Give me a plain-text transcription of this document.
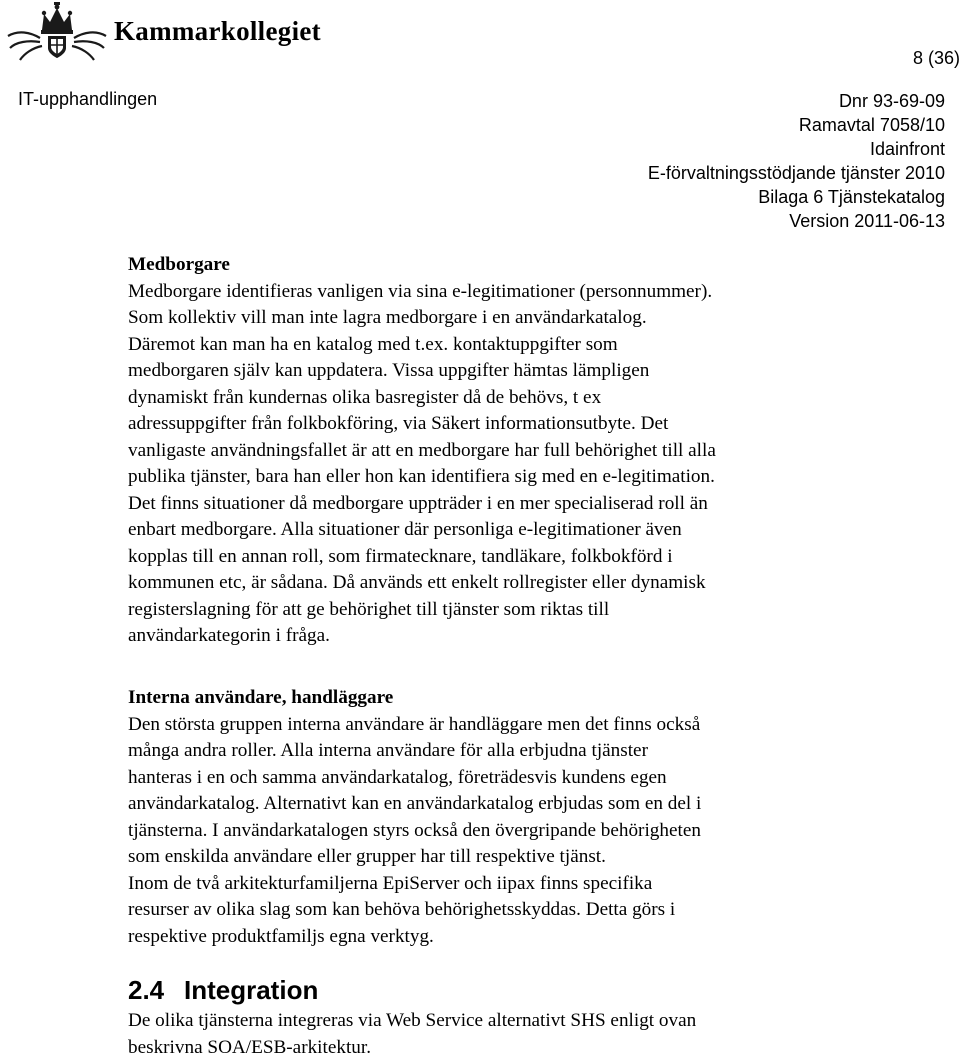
Kammarkollegiet
8 (36)
IT-upphandlingen	Dnr 93-69-09
Ramavtal 7058/10
Idainfront
E-förvaltningsstödjande tjänster 2010
Bilaga 6 Tjänstekatalog
Version 2011-06-13

Medborgare

Medborgare identifieras vanligen via sina e-legitimationer (personnummer).
Som kollektiv vill man inte lagra medborgare i en användarkatalog.
Däremot kan man ha en katalog med t.ex. kontaktuppgifter som
medborgaren själv kan uppdatera. Vissa uppgifter hämtas lämpligen
dynamiskt från kundernas olika basregister då de behövs, t ex
adressuppgifter från folkbokföring, via Säkert informationsutbyte. Det
vanligaste användningsfallet är att en medborgare har full behörighet till alla
publika tjänster, bara han eller hon kan identifiera sig med en e-legitimation.
Det finns situationer då medborgare uppträder i en mer specialiserad roll än
enbart medborgare. Alla situationer där personliga e-legitimationer även
kopplas till en annan roll, som firmatecknare, tandläkare, folkbokförd i
kommunen etc, är sådana. Då används ett enkelt rollregister eller dynamisk
registerslagning för att ge behörighet till tjänster som riktas till
användarkategorin i fråga.

Interna användare, handläggare

Den största gruppen interna användare är handläggare men det finns också
många andra roller. Alla interna användare för alla erbjudna tjänster
hanteras i en och samma användarkatalog, företrädesvis kundens egen
användarkatalog. Alternativt kan en användarkatalog erbjudas som en del i
tjänsterna. I användarkatalogen styrs också den övergripande behörigheten
som enskilda användare eller grupper har till respektive tjänst.

Inom de två arkitekturfamiljerna EpiServer och iipax finns specifika
resurser av olika slag som kan behöva behörighetsskyddas. Detta görs i
respektive produktfamiljs egna verktyg.

2.4 Integration

De olika tjänsterna integreras via Web Service alternativt SHS enligt ovan
beskrivna SOA/ESB-arkitektur.
